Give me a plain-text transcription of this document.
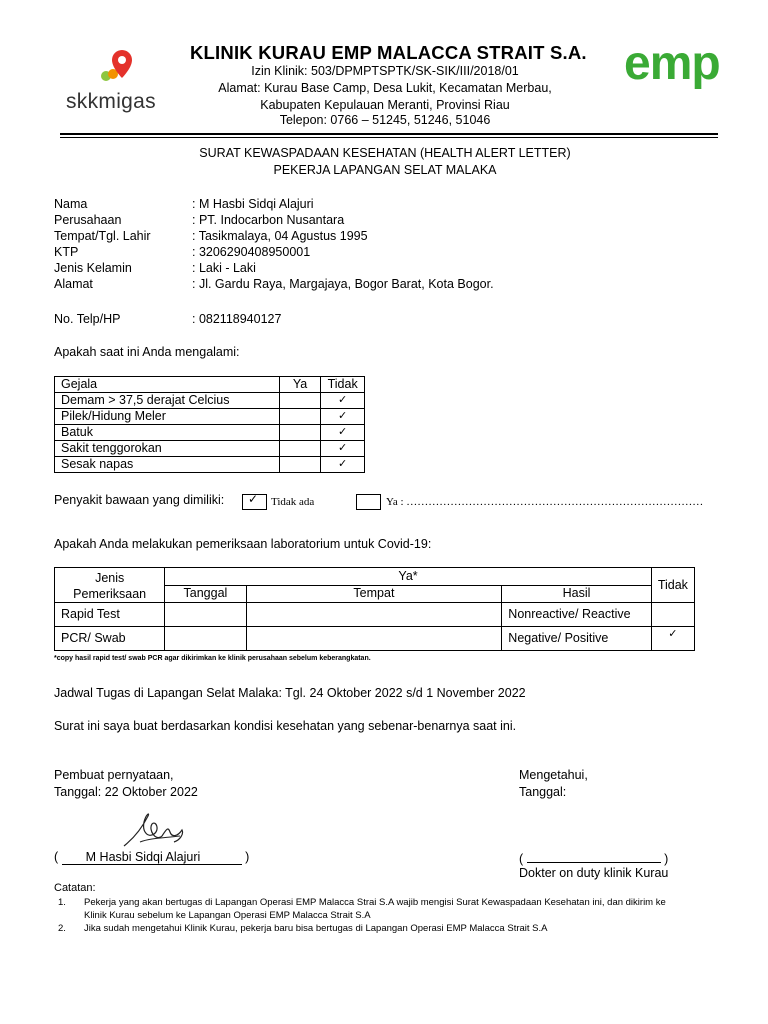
skkmigas
emp
KLINIK KURAU EMP MALACCA STRAIT S.A.
Izin Klinik: 503/DPMPTSPTK/SK-SIK/III/2018/01
Alamat: Kurau Base Camp, Desa Lukit, Kecamatan Merbau,
Kabupaten Kepulauan Meranti, Provinsi Riau
Telepon: 0766 – 51245, 51246, 51046
SURAT KEWASPADAAN KESEHATAN (HEALTH ALERT LETTER)
PEKERJA LAPANGAN SELAT MALAKA
Nama	: M Hasbi Sidqi Alajuri
Perusahaan	: PT. Indocarbon Nusantara
Tempat/Tgl. Lahir	: Tasikmalaya, 04 Agustus 1995
KTP	: 3206290408950001
Jenis Kelamin	: Laki - Laki
Alamat	: Jl. Gardu Raya, Margajaya, Bogor Barat, Kota Bogor.
No. Telp/HP	: 082118940127
Apakah saat ini Anda mengalami:
Gejala	Ya	Tidak
Demam > 37,5 derajat Celcius		✓
Pilek/Hidung Meler		✓
Batuk		✓
Sakit tenggorokan		✓
Sesak napas		✓
Penyakit bawaan yang dimiliki: ✓ Tidak ada	Ya : ………………………………………………………………………
Apakah Anda melakukan pemeriksaan laboratorium untuk Covid-19:
Jenis
Pemeriksaan	Ya*			Tidak
	Tanggal	Tempat	Hasil	
Rapid Test			Nonreactive/ Reactive	
PCR/ Swab			Negative/ Positive	✓
*copy hasil rapid test/ swab PCR agar dikirimkan ke klinik perusahaan sebelum keberangkatan.
Jadwal Tugas di Lapangan Selat Malaka: Tgl. 24 Oktober 2022 s/d 1 November 2022
Surat ini saya buat berdasarkan kondisi kesehatan yang sebenar-benarnya saat ini.
Pembuat pernyataan,
Tanggal: 22 Oktober 2022
( M Hasbi Sidqi Alajuri	)
Mengetahui,
Tanggal:
(	)
Dokter on duty klinik Kurau
Catatan:
1. Pekerja yang akan bertugas di Lapangan Operasi EMP Malacca Strai S.A wajib mengisi Surat Kewaspadaan Kesehatan ini, dan dikirim ke
Klinik Kurau sebelum ke Lapangan Operasi EMP Malacca Strait S.A
2. Jika sudah mengetahui Klinik Kurau, pekerja baru bisa bertugas di Lapangan Operasi EMP Malacca Strait S.A
